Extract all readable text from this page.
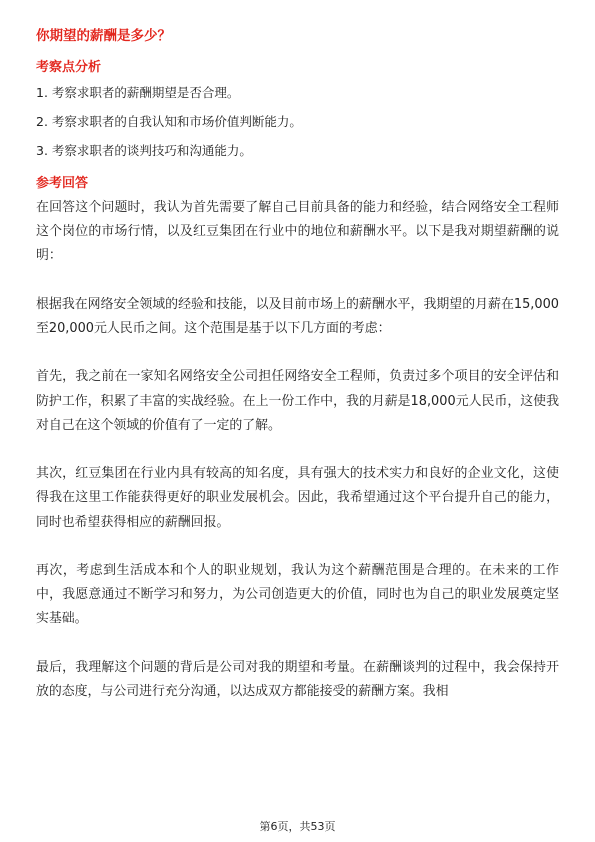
你期望的薪酬是多少？
考察点分析
1. 考察求职者的薪酬期望是否合理。
2. 考察求职者的自我认知和市场价值判断能力。
3. 考察求职者的谈判技巧和沟通能力。
参考回答

在回答这个问题时，我认为首先需要了解自己目前具备的能力和经验，结合网络安全工程师这个岗位的市场行情，以及红豆集团在行业中的地位和薪酬水平。以下是我对期望薪酬的说明：

根据我在网络安全领域的经验和技能，以及目前市场上的薪酬水平，我期望的月薪在15,000至20,000元人民币之间。这个范围是基于以下几方面的考虑：

首先，我之前在一家知名网络安全公司担任网络安全工程师，负责过多个项目的安全评估和防护工作，积累了丰富的实战经验。在上一份工作中，我的月薪是18,000元人民币，这使我对自己在这个领域的价值有了一定的了解。

其次，红豆集团在行业内具有较高的知名度，具有强大的技术实力和良好的企业文化，这使得我在这里工作能获得更好的职业发展机会。因此，我希望通过这个平台提升自己的能力，同时也希望获得相应的薪酬回报。

再次，考虑到生活成本和个人的职业规划，我认为这个薪酬范围是合理的。在未来的工作中，我愿意通过不断学习和努力，为公司创造更大的价值，同时也为自己的职业发展奠定坚实基础。

最后，我理解这个问题的背后是公司对我的期望和考量。在薪酬谈判的过程中，我会保持开放的态度，与公司进行充分沟通，以达成双方都能接受的薪酬方案。我相

第6页，共53页
